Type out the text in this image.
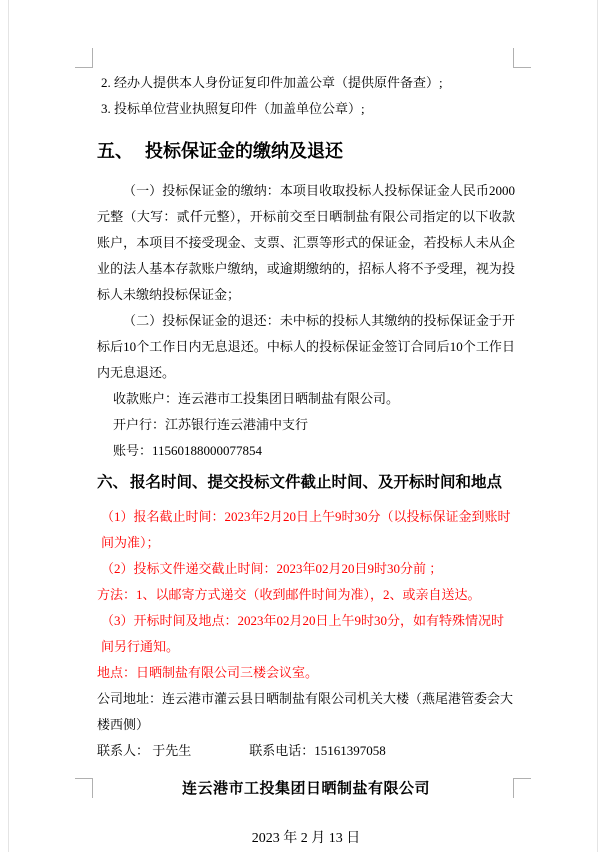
2. 经办人提供本人身份证复印件加盖公章（提供原件备查）;

3. 投标单位营业执照复印件（加盖单位公章）;

五、 投标保证金的缴纳及退还

（一）投标保证金的缴纳：本项目收取投标人投标保证金人民币2000元整（大写：贰仟元整），开标前交至日晒制盐有限公司指定的以下收款账户，本项目不接受现金、支票、汇票等形式的保证金，若投标人未从企业的法人基本存款账户缴纳，或逾期缴纳的，招标人将不予受理，视为投标人未缴纳投标保证金；

（二）投标保证金的退还：未中标的投标人其缴纳的投标保证金于开标后10个工作日内无息退还。中标人的投标保证金签订合同后10个工作日内无息退还。

收款账户：连云港市工投集团日晒制盐有限公司。

开户行：江苏银行连云港浦中支行

账号：11560188000077854

六、 报名时间、提交投标文件截止时间、及开标时间和地点

（1）报名截止时间：2023年2月20日上午9时30分（以投标保证金到账时间为准）；

（2）投标文件递交截止时间：2023年02月20日9时30分前 ；

方法：1、以邮寄方式递交（收到邮件时间为准），2、或亲自送达。

（3）开标时间及地点：2023年02月20日上午9时30分，如有特殊情况时间另行通知。

地点：日晒制盐有限公司三楼会议室。

公司地址：连云港市灌云县日晒制盐有限公司机关大楼（燕尾港管委会大楼西侧）

联系人： 于先生	联系电话：15161397058

连云港市工投集团日晒制盐有限公司

2023 年 2 月 13 日
